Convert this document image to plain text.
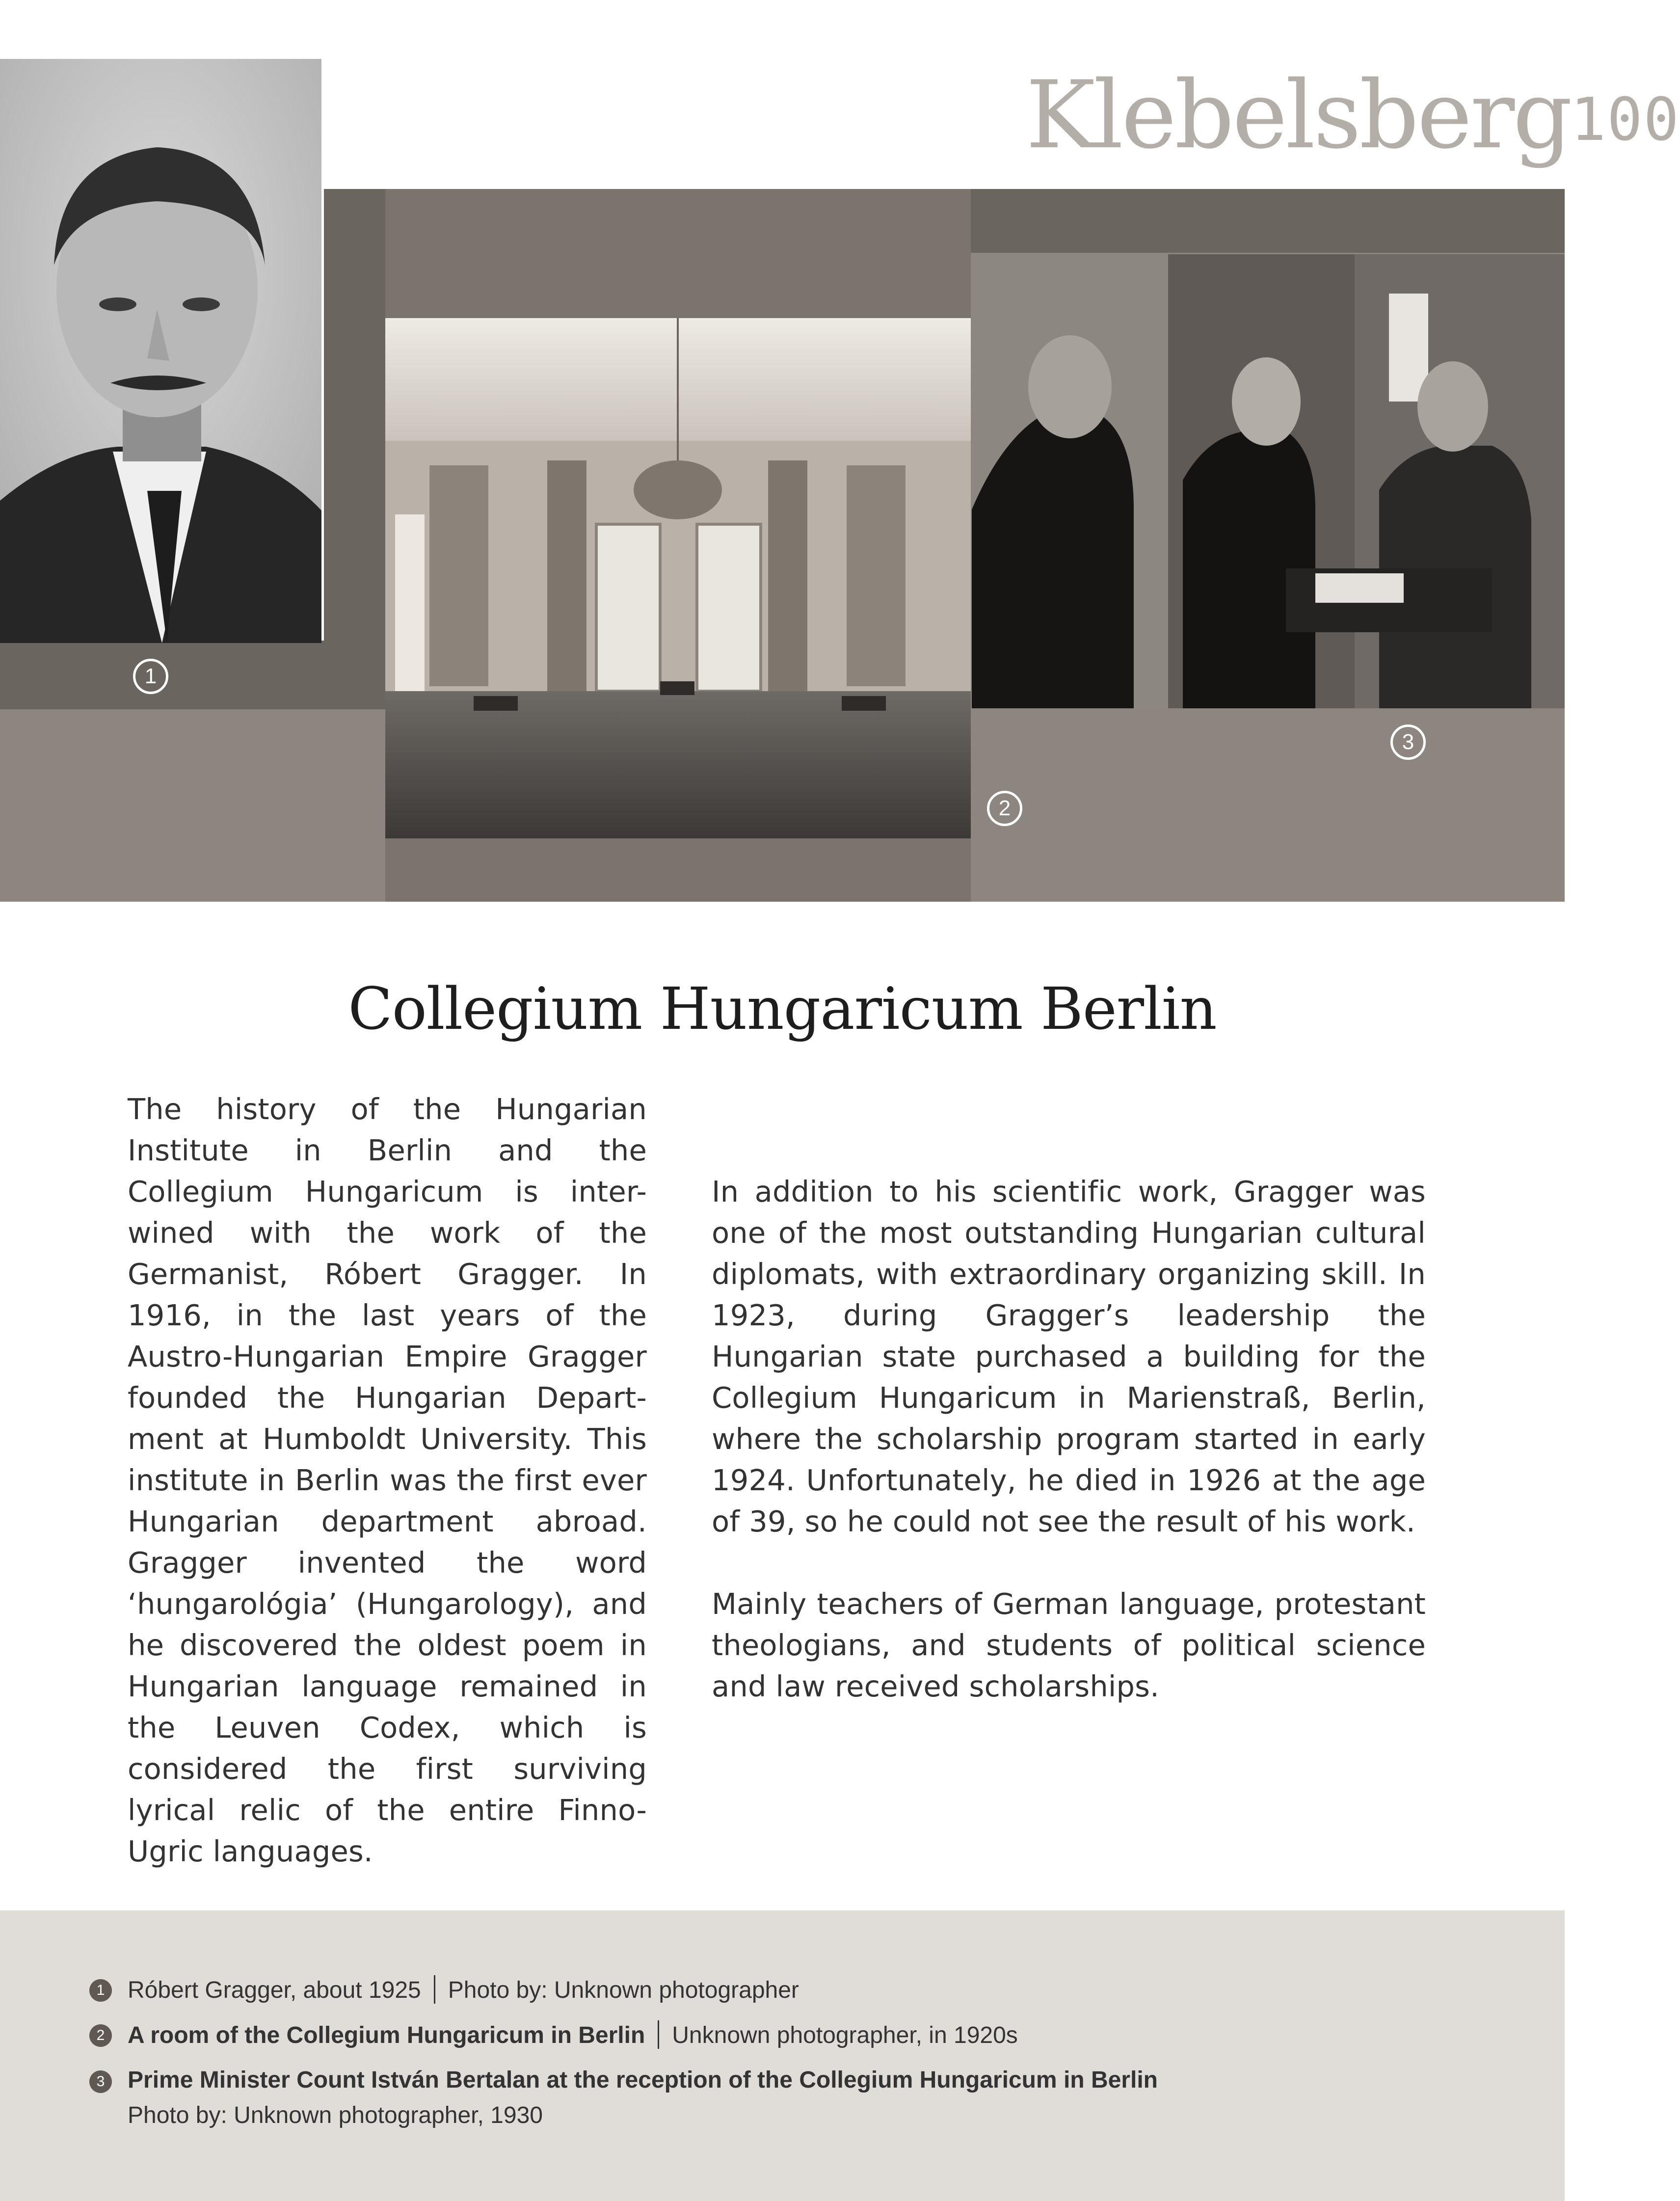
Klebelsberg$^{100}$
1
2
3
Collegium Hungaricum Berlin

The history of the Hungarian Institute in Berlin and the Collegium Hungaricum is inter-wined with the work of the Germanist, Róbert Gragger. In 1916, in the last years of the Austro-Hungarian Empire Gragger founded the Hungarian Depart-ment at Humboldt University. This institute in Berlin was the first ever Hungarian department abroad. Gragger invented the word ‘hungarológia’ (Hungarology), and he discovered the oldest poem in Hungarian language remained in the Leuven Codex, which is considered the first surviving lyrical relic of the entire Finno-Ugric languages.

In addition to his scientific work, Gragger was one of the most outstanding Hungarian cultural diplomats, with extraordinary organizing skill. In 1923, during Gragger’s leadership the Hungarian state purchased a building for the Collegium Hungaricum in Marienstraß, Berlin, where the scholarship program started in early 1924. Unfortunately, he died in 1926 at the age of 39, so he could not see the result of his work.

Mainly teachers of German language, protestant theologians, and students of political science and law received scholarships.

1 Róbert Gragger, about 1925 Photo by: Unknown photographer
2 A room of the Collegium Hungaricum in Berlin Unknown photographer, in 1920s
3 Prime Minister Count István Bertalan at the reception of the Collegium Hungaricum in Berlin
Photo by: Unknown photographer, 1930
